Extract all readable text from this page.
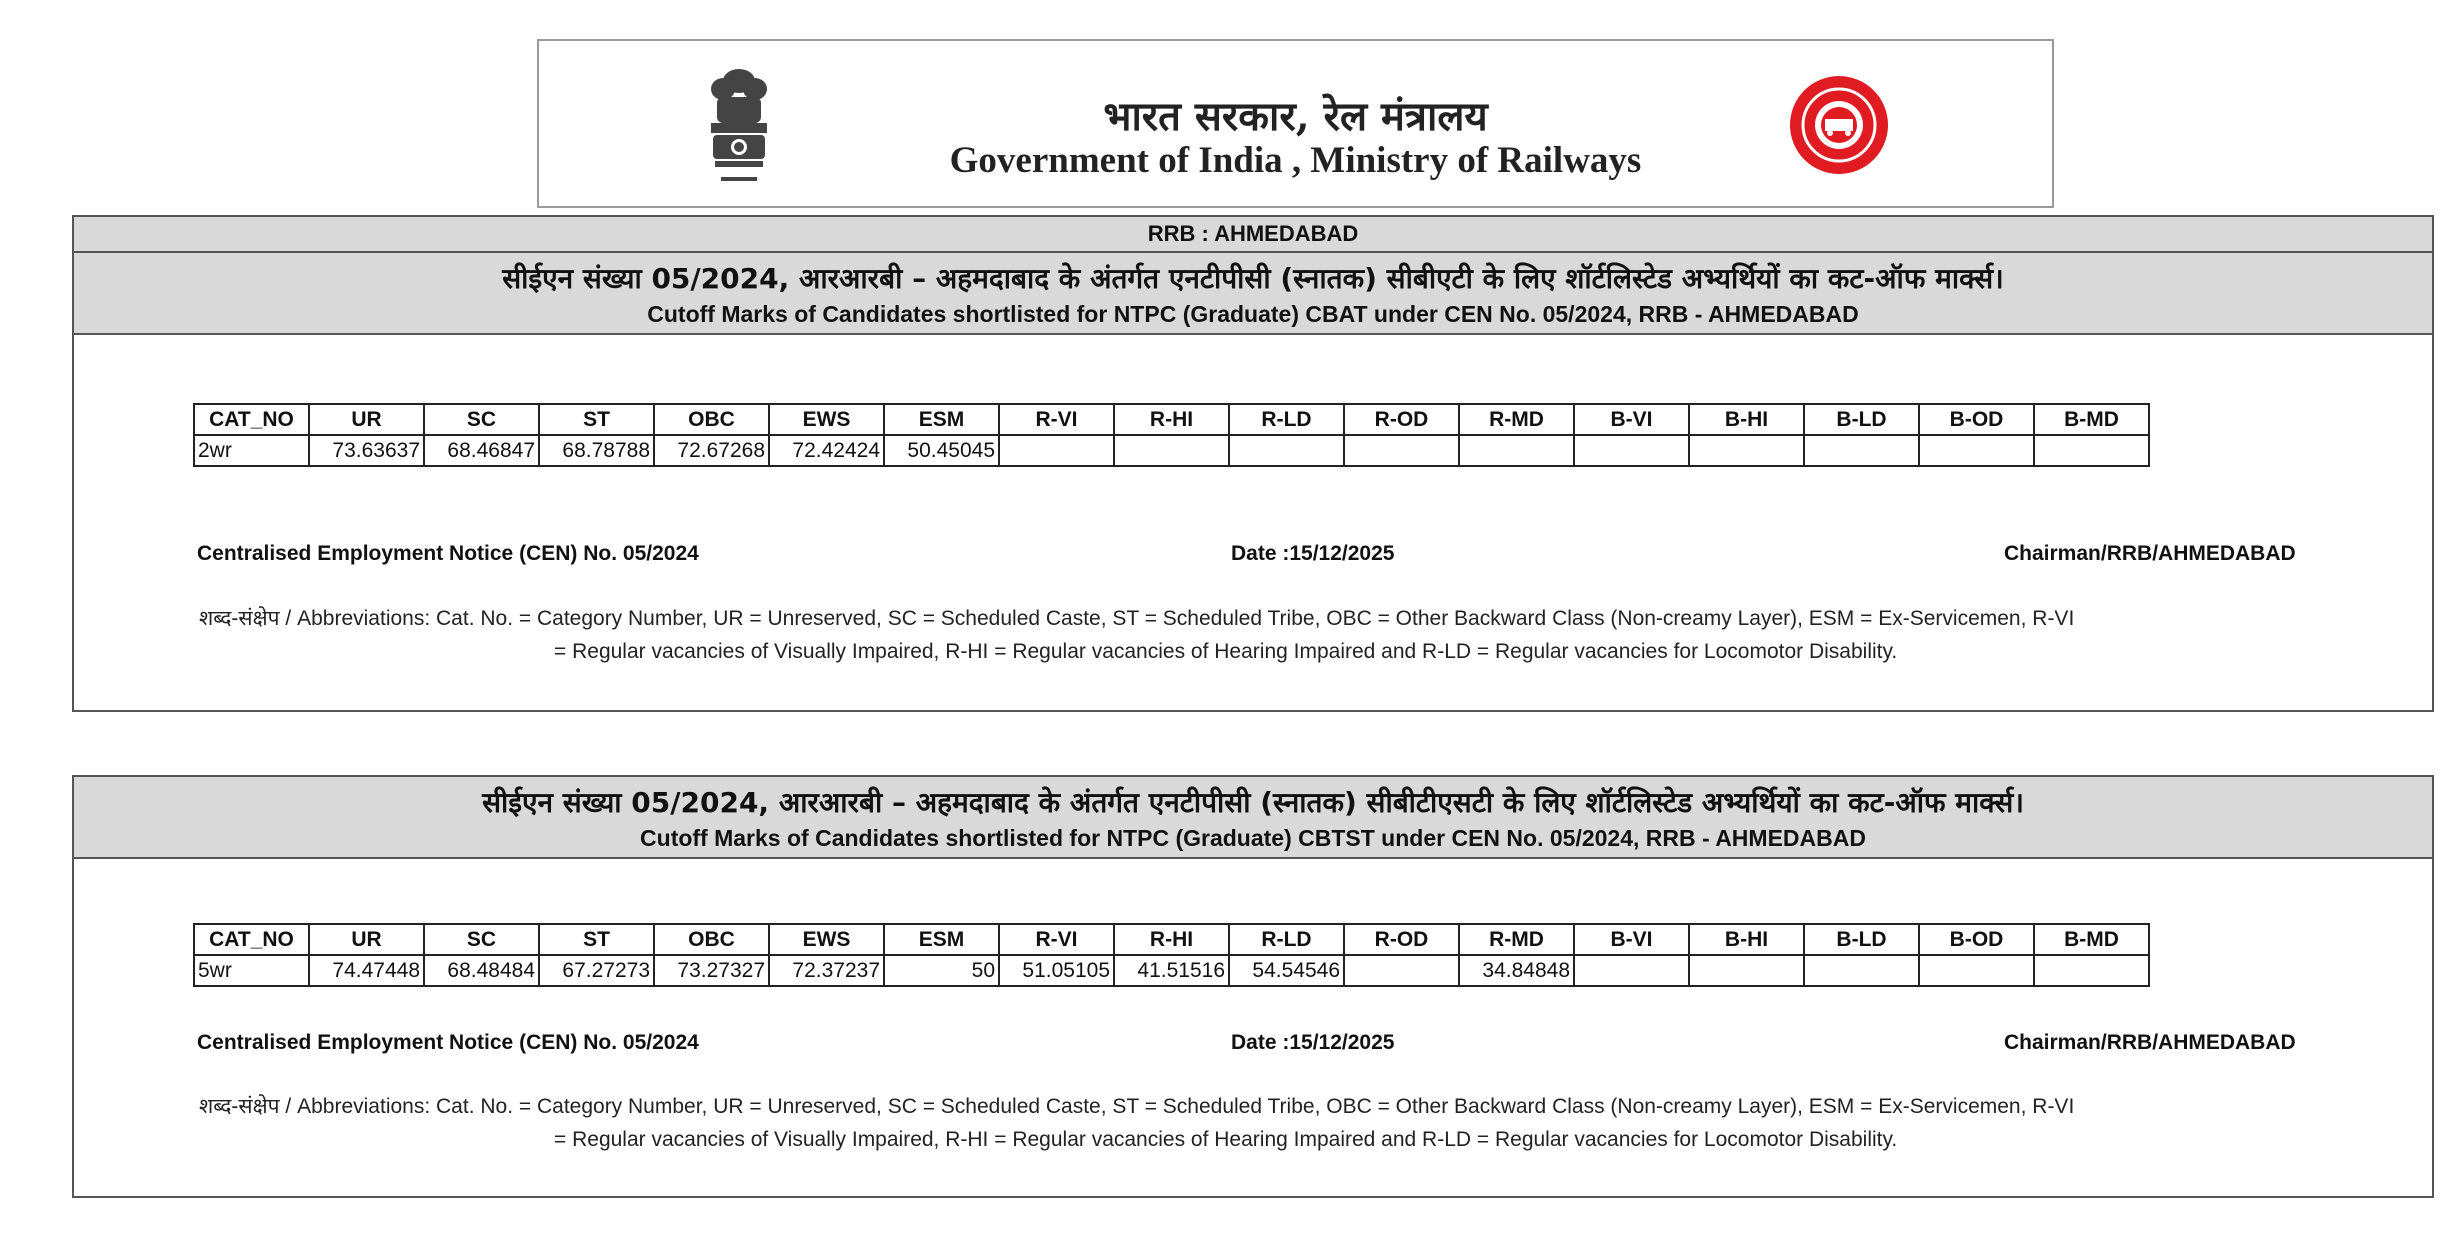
भारत सरकार, रेल मंत्रालय
Government of India , Ministry of Railways
RRB : AHMEDABAD
सीईएन संख्या 05/2024, आरआरबी – अहमदाबाद के अंतर्गत एनटीपीसी (स्नातक) सीबीएटी के लिए शॉर्टलिस्टेड अभ्यर्थियों का कट-ऑफ मार्क्स।
Cutoff Marks of Candidates shortlisted for NTPC (Graduate) CBAT under CEN No. 05/2024, RRB - AHMEDABAD
CAT_NO	UR	SC	ST	OBC	EWS	ESM	R-VI	R-HI	R-LD	R-OD	R-MD	B-VI	B-HI	B-LD	B-OD	B-MD
2wr	73.63637	68.46847	68.78788	72.67268	72.42424	50.45045										
Centralised Employment Notice (CEN) No. 05/2024	Date :15/12/2025	Chairman/RRB/AHMEDABAD
शब्द-संक्षेप / Abbreviations: Cat. No. = Category Number, UR = Unreserved, SC = Scheduled Caste, ST = Scheduled Tribe, OBC = Other Backward Class (Non-creamy Layer), ESM = Ex-Servicemen, R-VI
= Regular vacancies of Visually Impaired, R-HI = Regular vacancies of Hearing Impaired and R-LD = Regular vacancies for Locomotor Disability.
सीईएन संख्या 05/2024, आरआरबी – अहमदाबाद के अंतर्गत एनटीपीसी (स्नातक) सीबीटीएसटी के लिए शॉर्टलिस्टेड अभ्यर्थियों का कट-ऑफ मार्क्स।
Cutoff Marks of Candidates shortlisted for NTPC (Graduate) CBTST under CEN No. 05/2024, RRB - AHMEDABAD
CAT_NO	UR	SC	ST	OBC	EWS	ESM	R-VI	R-HI	R-LD	R-OD	R-MD	B-VI	B-HI	B-LD	B-OD	B-MD
5wr	74.47448	68.48484	67.27273	73.27327	72.37237	50	51.05105	41.51516	54.54546		34.84848					
Centralised Employment Notice (CEN) No. 05/2024	Date :15/12/2025	Chairman/RRB/AHMEDABAD
शब्द-संक्षेप / Abbreviations: Cat. No. = Category Number, UR = Unreserved, SC = Scheduled Caste, ST = Scheduled Tribe, OBC = Other Backward Class (Non-creamy Layer), ESM = Ex-Servicemen, R-VI
= Regular vacancies of Visually Impaired, R-HI = Regular vacancies of Hearing Impaired and R-LD = Regular vacancies for Locomotor Disability.
